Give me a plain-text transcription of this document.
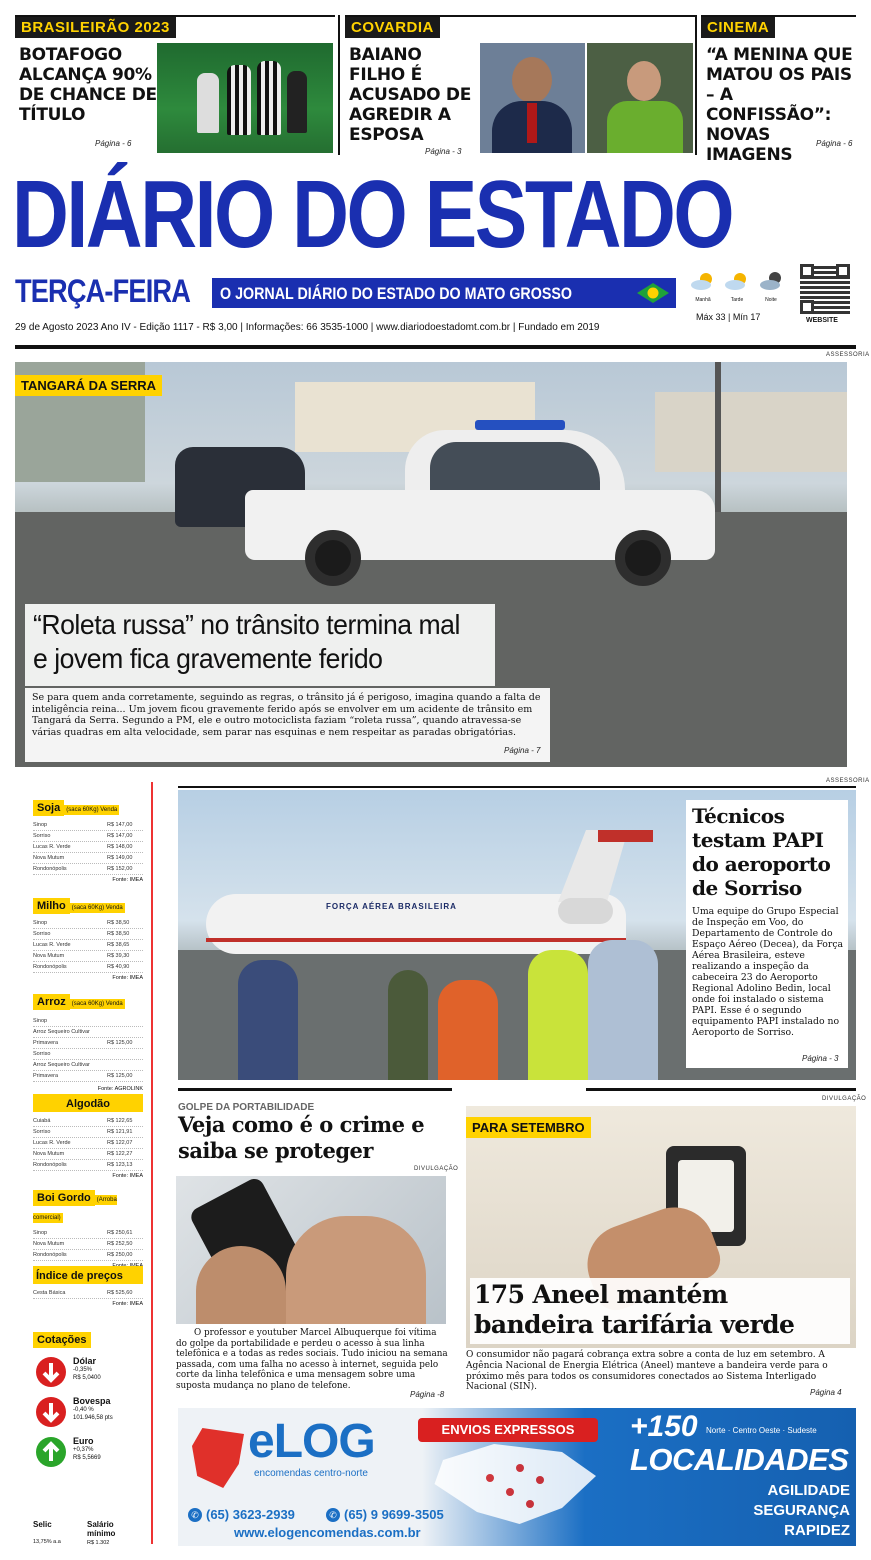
BRASILEIRÃO 2023
BOTAFOGO ALCANÇA 90% DE CHANCE DE TÍTULO
Página - 6
COVARDIA
BAIANO FILHO É ACUSADO DE AGREDIR A ESPOSA
Página - 3
CINEMA
“A MENINA QUE MATOU OS PAIS – A CONFISSÃO”: NOVAS IMAGENS
Página - 6
DIÁRIO DO ESTADO
TERÇA-FEIRA O JORNAL DIÁRIO DO ESTADO DO MATO GROSSO
29 de Agosto 2023 Ano IV - Edição 1117 - R$ 3,00 | Informações: 66 3535-1000 | www.diariodoestadomt.com.br | Fundado em 2019
Manhã	Tarde	Noite
Máx 33 | Mín 17	WEBSITE
ASSESSORIA
TANGARÁ DA SERRA
“Roleta russa” no trânsito termina mal e jovem fica gravemente ferido
Se para quem anda corretamente, seguindo as regras, o trânsito já é perigoso, imagina quando a falta de inteligência reina... Um jovem ficou gravemente ferido após se envolver em um acidente de trânsito em Tangará da Serra. Segundo a PM, ele e outro motociclista faziam “roleta russa”, quando atravessa-se várias quadras em alta velocidade, sem parar nas esquinas e nem respeitar as paradas obrigatórias.
Página - 7
Soja (saca 60Kg) Venda
Sinop	R$ 147,00
Sorriso	R$ 147,00
Lucas R. Verde	R$ 148,00
Nova Mutum	R$ 149,00
Rondonópolis	R$ 152,00
Fonte: IMEA
Milho (saca 60Kg) Venda
Sinop	R$ 38,50
Sorriso	R$ 38,50
Lucas R. Verde	R$ 38,65
Nova Mutum	R$ 39,30
Rondonópolis	R$ 40,90
Fonte: IMEA
Arroz (saca 60Kg) Venda
Sinop
Arroz Sequeiro Cultivar
Primavera	R$ 125,00
Sorriso
Arroz Sequeiro Cultivar
Primavera	R$ 125,00
Fonte: AGROLINK
Algodão
Cuiabá	R$ 122,65
Sorriso	R$ 121,91
Lucas R. Verde	R$ 122,07
Nova Mutum	R$ 122,27
Rondonópolis	R$ 123,13
Fonte: IMEA
Boi Gordo (Arroba comercial)
Sinop	R$ 250,61
Nova Mutum	R$ 252,50
Rondonópolis	R$ 250,00
Índice de preços
Cesta Básica	R$ 525,60
Fonte: IMEA
Cotações
Dólar
-0,35%
R$ 5,0400
Bovespa
-0,40 %
101.946,58 pts
Euro
+0,37%
R$ 5,5669
Selic
13,75% a.a
Salário mínimo
R$ 1.302
ASSESSORIA
FORÇA AÉREA BRASILEIRA
Técnicos testam PAPI do aeroporto de Sorriso
Uma equipe do Grupo Especial de Inspeção em Voo, do Departamento de Controle do Espaço Aéreo (Decea), da Força Aérea Brasileira, esteve realizando a inspeção da cabeceira 23 do Aeroporto Regional Adolino Bedin, local onde foi instalado o sistema PAPI. Esse é o segundo equipamento PAPI instalado no Aeroporto de Sorriso.
Página - 3
GOLPE DA PORTABILIDADE
Veja como é o crime e saiba se proteger
DIVULGAÇÃO
O professor e youtuber Marcel Albuquerque foi vítima do golpe da portabilidade e perdeu o acesso à sua linha telefônica e a todas as redes sociais. Tudo iniciou na semana passada, com uma falha no acesso à internet, seguida pelo corte da linha telefônica e uma mensagem sobre uma suposta mudança no plano de telefone.
Página -8
DIVULGAÇÃO
PARA SETEMBRO
175 Aneel mantém bandeira tarifária verde
O consumidor não pagará cobrança extra sobre a conta de luz em setembro. A Agência Nacional de Energia Elétrica (Aneel) manteve a bandeira verde para o próximo mês para todos os consumidores conectados ao Sistema Interligado Nacional (SIN).
Página 4
eLOG
encomendas centro-norte
ENVIOS EXPRESSOS	+150 Norte · Centro Oeste · Sudeste
LOCALIDADES
AGILIDADE
SEGURANÇA
RAPIDEZ
✆ (65) 3623-2939	✆ (65) 9 9699-3505
www.elogencomendas.com.br
